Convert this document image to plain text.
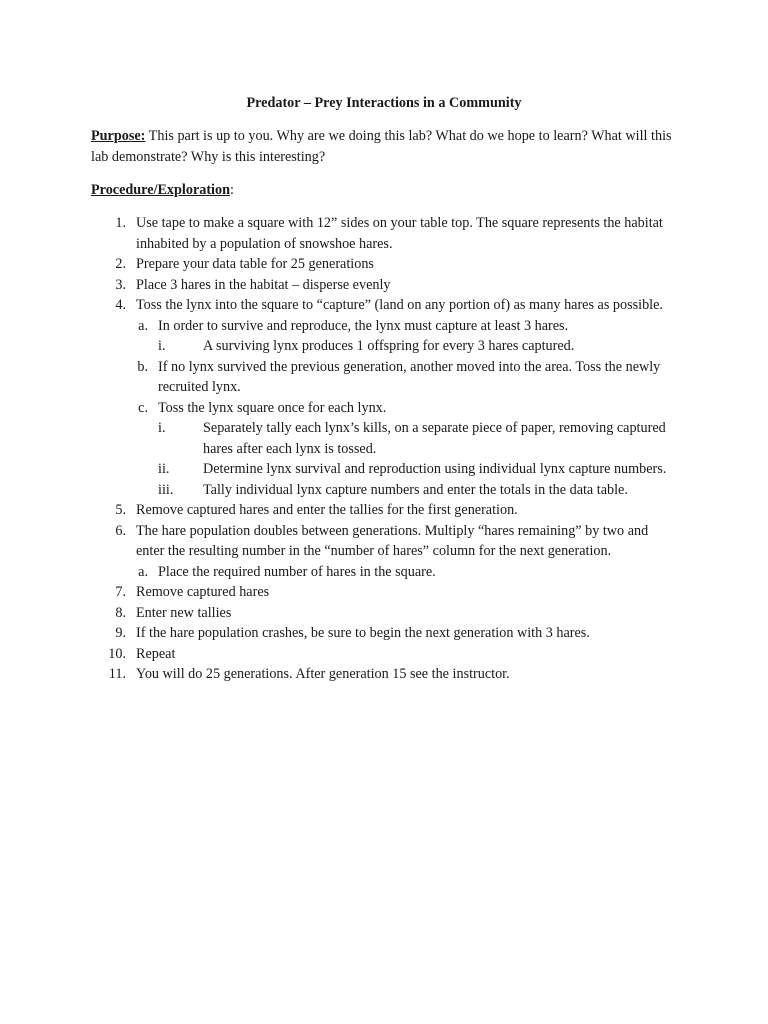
Predator – Prey Interactions in a Community
Purpose: This part is up to you. Why are we doing this lab? What do we hope to learn? What will this lab demonstrate? Why is this interesting?
Procedure/Exploration:
1. Use tape to make a square with 12” sides on your table top. The square represents the habitat inhabited by a population of snowshoe hares.
2. Prepare your data table for 25 generations
3. Place 3 hares in the habitat – disperse evenly
4. Toss the lynx into the square to “capture” (land on any portion of) as many hares as possible.
a. In order to survive and reproduce, the lynx must capture at least 3 hares.
i.	A surviving lynx produces 1 offspring for every 3 hares captured.
b. If no lynx survived the previous generation, another moved into the area. Toss the newly recruited lynx.
c. Toss the lynx square once for each lynx.
i.	Separately tally each lynx’s kills, on a separate piece of paper, removing captured hares after each lynx is tossed.
ii.	Determine lynx survival and reproduction using individual lynx capture numbers.
iii.	Tally individual lynx capture numbers and enter the totals in the data table.
5. Remove captured hares and enter the tallies for the first generation.
6. The hare population doubles between generations. Multiply “hares remaining” by two and enter the resulting number in the “number of hares” column for the next generation.
a. Place the required number of hares in the square.
7. Remove captured hares
8. Enter new tallies
9. If the hare population crashes, be sure to begin the next generation with 3 hares.
10. Repeat
11. You will do 25 generations. After generation 15 see the instructor.
